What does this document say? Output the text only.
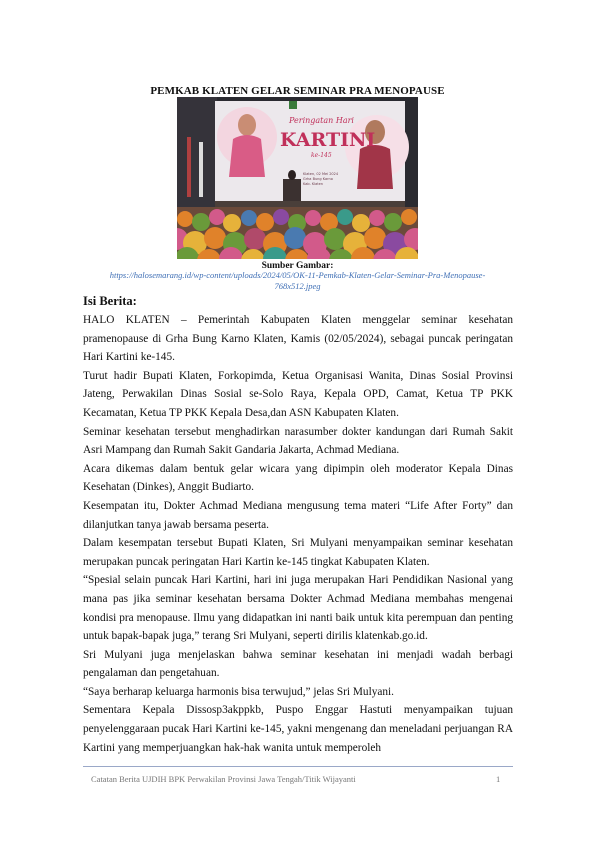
PEMKAB KLATEN GELAR SEMINAR PRA MENOPAUSE
Peringatan Hari
KARTINI
ke-145
Klaten, 02 Mei 2024
Grha Bung Karno
Kab. Klaten
Sumber Gambar:
https://halosemarang.id/wp-content/uploads/2024/05/OK-11-Pemkab-Klaten-Gelar-Seminar-Pra-Menopause-768x512.jpeg
Isi Berita:

HALO KLATEN – Pemerintah Kabupaten Klaten menggelar seminar kesehatan pramenopause di Grha Bung Karno Klaten, Kamis (02/05/2024), sebagai puncak peringatan Hari Kartini ke-145.

Turut hadir Bupati Klaten, Forkopimda, Ketua Organisasi Wanita, Dinas Sosial Provinsi Jateng, Perwakilan Dinas Sosial se-Solo Raya, Kepala OPD, Camat, Ketua TP PKK Kecamatan, Ketua TP PKK Kepala Desa,dan ASN Kabupaten Klaten.

Seminar kesehatan tersebut menghadirkan narasumber dokter kandungan dari Rumah Sakit Asri Mampang dan Rumah Sakit Gandaria Jakarta, Achmad Mediana.

Acara dikemas dalam bentuk gelar wicara yang dipimpin oleh moderator Kepala Dinas Kesehatan (Dinkes), Anggit Budiarto.

Kesempatan itu, Dokter Achmad Mediana mengusung tema materi “Life After Forty” dan dilanjutkan tanya jawab bersama peserta.

Dalam kesempatan tersebut Bupati Klaten, Sri Mulyani menyampaikan seminar kesehatan merupakan puncak peringatan Hari Kartin ke-145 tingkat Kabupaten Klaten.

“Spesial selain puncak Hari Kartini, hari ini juga merupakan Hari Pendidikan Nasional yang mana pas jika seminar kesehatan bersama Dokter Achmad Mediana membahas mengenai kondisi pra menopause. Ilmu yang didapatkan ini nanti baik untuk kita perempuan dan penting untuk bapak-bapak juga,” terang Sri Mulyani, seperti dirilis klatenkab.go.id.

Sri Mulyani juga menjelaskan bahwa seminar kesehatan ini menjadi wadah berbagi pengalaman dan pengetahuan.

“Saya berharap keluarga harmonis bisa terwujud,” jelas Sri Mulyani.

Sementara Kepala Dissosp3akppkb, Puspo Enggar Hastuti menyampaikan tujuan penyelenggaraan pucak Hari Kartini ke-145, yakni mengenang dan meneladani perjuangan RA Kartini yang memperjuangkan hak-hak wanita untuk memperoleh

Catatan Berita UJDIH BPK Perwakilan Provinsi Jawa Tengah/Titik Wijayanti	1
